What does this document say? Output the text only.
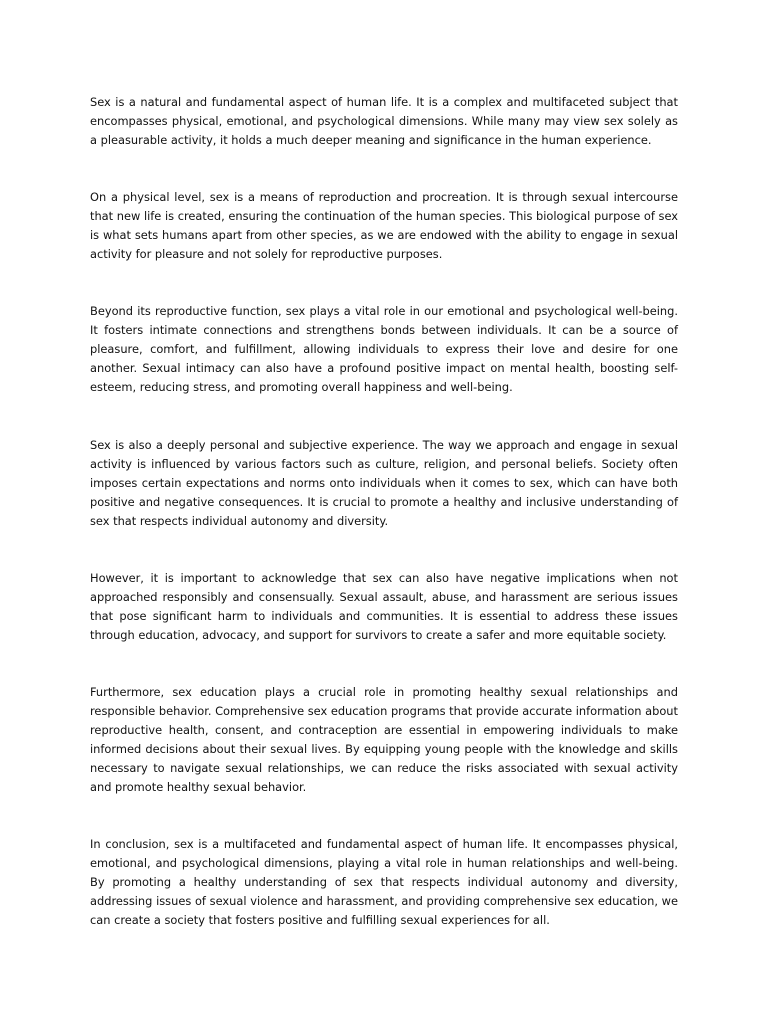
Sex is a natural and fundamental aspect of human life. It is a complex and multifaceted subject that encompasses physical, emotional, and psychological dimensions. While many may view sex solely as a pleasurable activity, it holds a much deeper meaning and significance in the human experience.

On a physical level, sex is a means of reproduction and procreation. It is through sexual intercourse that new life is created, ensuring the continuation of the human species. This biological purpose of sex is what sets humans apart from other species, as we are endowed with the ability to engage in sexual activity for pleasure and not solely for reproductive purposes.

Beyond its reproductive function, sex plays a vital role in our emotional and psychological well-being. It fosters intimate connections and strengthens bonds between individuals. It can be a source of pleasure, comfort, and fulfillment, allowing individuals to express their love and desire for one another. Sexual intimacy can also have a profound positive impact on mental health, boosting self-esteem, reducing stress, and promoting overall happiness and well-being.

Sex is also a deeply personal and subjective experience. The way we approach and engage in sexual activity is influenced by various factors such as culture, religion, and personal beliefs. Society often imposes certain expectations and norms onto individuals when it comes to sex, which can have both positive and negative consequences. It is crucial to promote a healthy and inclusive understanding of sex that respects individual autonomy and diversity.

However, it is important to acknowledge that sex can also have negative implications when not approached responsibly and consensually. Sexual assault, abuse, and harassment are serious issues that pose significant harm to individuals and communities. It is essential to address these issues through education, advocacy, and support for survivors to create a safer and more equitable society.

Furthermore, sex education plays a crucial role in promoting healthy sexual relationships and responsible behavior. Comprehensive sex education programs that provide accurate information about reproductive health, consent, and contraception are essential in empowering individuals to make informed decisions about their sexual lives. By equipping young people with the knowledge and skills necessary to navigate sexual relationships, we can reduce the risks associated with sexual activity and promote healthy sexual behavior.

In conclusion, sex is a multifaceted and fundamental aspect of human life. It encompasses physical, emotional, and psychological dimensions, playing a vital role in human relationships and well-being. By promoting a healthy understanding of sex that respects individual autonomy and diversity, addressing issues of sexual violence and harassment, and providing comprehensive sex education, we can create a society that fosters positive and fulfilling sexual experiences for all.
